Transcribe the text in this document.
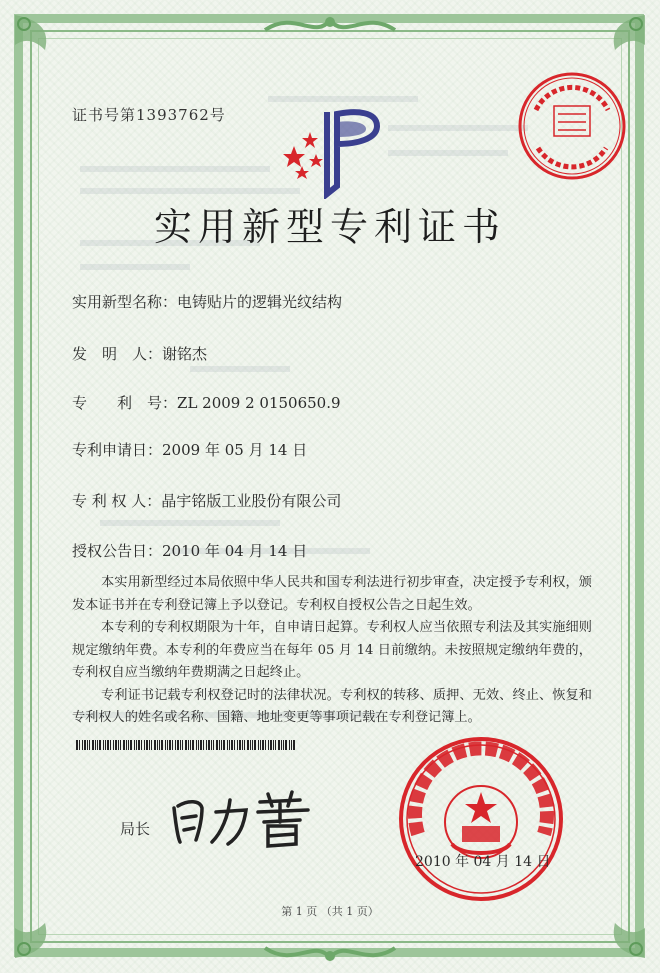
证书号第1393762号
实用新型专利证书
实用新型名称：电铸贴片的逻辑光纹结构
发　明　人：谢铭杰
专　　利　号：ZL 2009 2 0150650.9
专利申请日：2009 年 05 月 14 日
专 利 权 人：晶宇铭版工业股份有限公司
授权公告日：2010 年 04 月 14 日

本实用新型经过本局依照中华人民共和国专利法进行初步审查，决定授予专利权，颁发本证书并在专利登记簿上予以登记。专利权自授权公告之日起生效。

本专利的专利权期限为十年，自申请日起算。专利权人应当依照专利法及其实施细则规定缴纳年费。本专利的年费应当在每年 05 月 14 日前缴纳。未按照规定缴纳年费的，专利权自应当缴纳年费期满之日起终止。

专利证书记载专利权登记时的法律状况。专利权的转移、质押、无效、终止、恢复和专利权人的姓名或名称、国籍、地址变更等事项记载在专利登记簿上。

局长
2010 年 04 月 14 日
第 1 页 （共 1 页）
